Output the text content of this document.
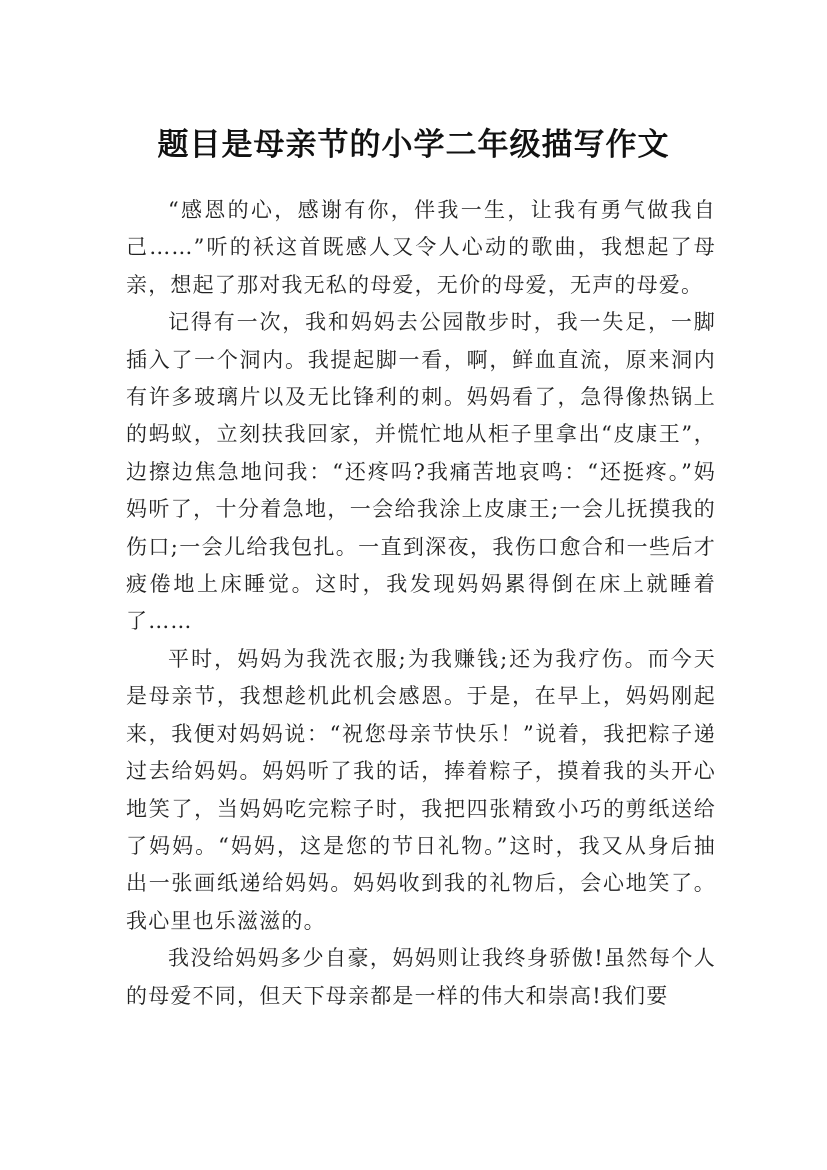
题目是母亲节的小学二年级描写作文

“感恩的心，感谢有你，伴我一生，让我有勇气做我自己……”听的袄这首既感人又令人心动的歌曲，我想起了母亲，想起了那对我无私的母爱，无价的母爱，无声的母爱。

记得有一次，我和妈妈去公园散步时，我一失足，一脚插入了一个洞内。我提起脚一看，啊，鲜血直流，原来洞内有许多玻璃片以及无比锋利的刺。妈妈看了，急得像热锅上的蚂蚁，立刻扶我回家，并慌忙地从柜子里拿出“皮康王”，边擦边焦急地问我：“还疼吗?我痛苦地哀鸣：“还挺疼。”妈妈听了，十分着急地，一会给我涂上皮康王;一会儿抚摸我的伤口;一会儿给我包扎。一直到深夜，我伤口愈合和一些后才疲倦地上床睡觉。这时，我发现妈妈累得倒在床上就睡着了……

平时，妈妈为我洗衣服;为我赚钱;还为我疗伤。而今天是母亲节，我想趁机此机会感恩。于是，在早上，妈妈刚起来，我便对妈妈说：“祝您母亲节快乐！”说着，我把粽子递过去给妈妈。妈妈听了我的话，捧着粽子，摸着我的头开心地笑了，当妈妈吃完粽子时，我把四张精致小巧的剪纸送给了妈妈。“妈妈，这是您的节日礼物。”这时，我又从身后抽出一张画纸递给妈妈。妈妈收到我的礼物后，会心地笑了。我心里也乐滋滋的。

我没给妈妈多少自豪，妈妈则让我终身骄傲!虽然每个人的母爱不同，但天下母亲都是一样的伟大和崇高!我们要
